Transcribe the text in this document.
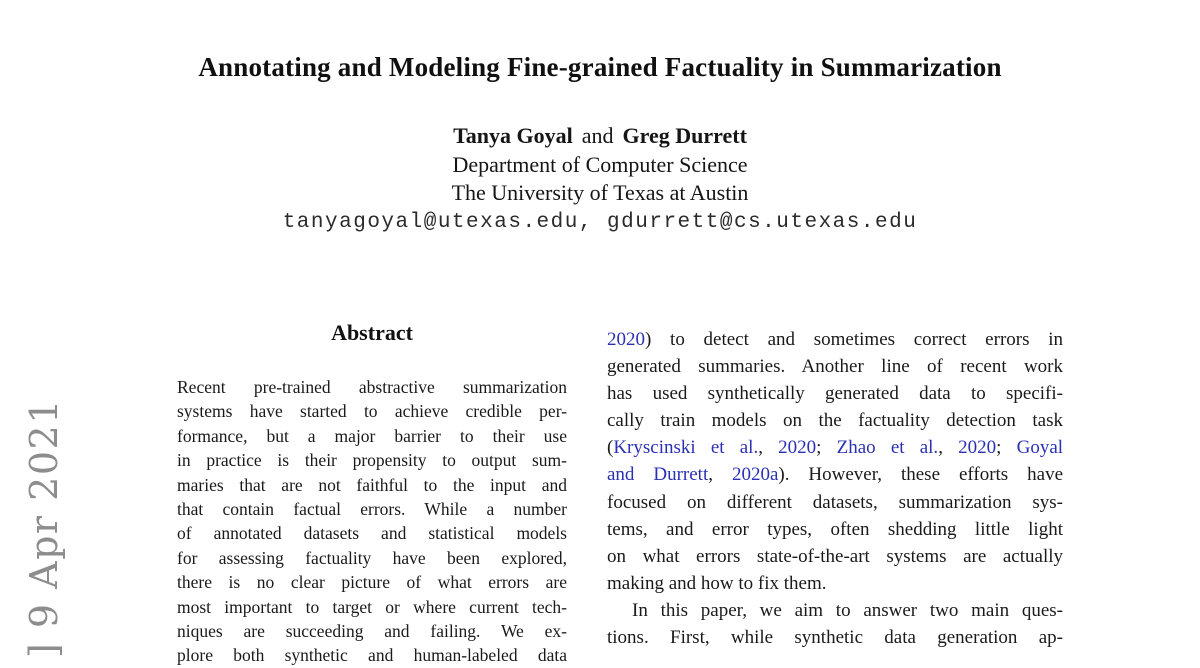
] 9 Apr 2021
Annotating and Modeling Fine-grained Factuality in Summarization
Tanya Goyal and Greg Durrett
Department of Computer Science
The University of Texas at Austin
tanyagoyal@utexas.edu, gdurrett@cs.utexas.edu
Abstract
Recent pre-trained abstractive summarization
systems have started to achieve credible per-
formance, but a major barrier to their use
in practice is their propensity to output sum-
maries that are not faithful to the input and
that contain factual errors. While a number
of annotated datasets and statistical models
for assessing factuality have been explored,
there is no clear picture of what errors are
most important to target or where current tech-
niques are succeeding and failing. We ex-
plore both synthetic and human-labeled data
2020) to detect and sometimes correct errors in
generated summaries. Another line of recent work
has used synthetically generated data to specifi-
cally train models on the factuality detection task
(Kryscinski et al., 2020; Zhao et al., 2020; Goyal
and Durrett, 2020a). However, these efforts have
focused on different datasets, summarization sys-
tems, and error types, often shedding little light
on what errors state-of-the-art systems are actually
making and how to fix them.
In this paper, we aim to answer two main ques-
tions. First, while synthetic data generation ap-
